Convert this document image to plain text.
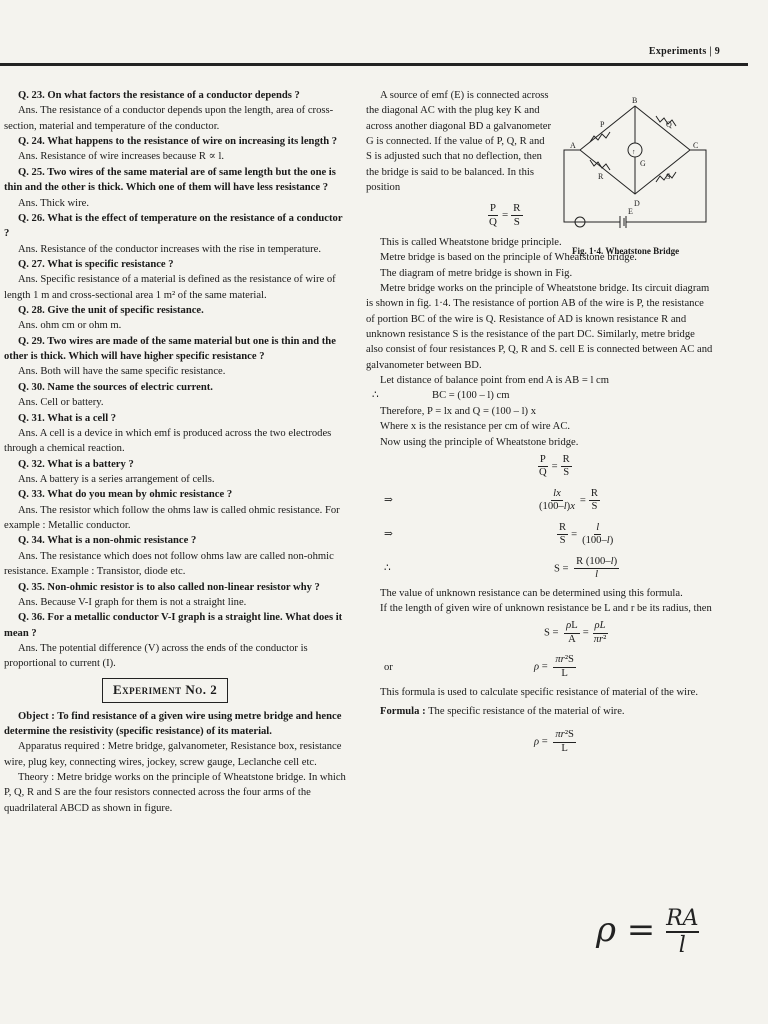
Experiments | 9

Q. 23. On what factors the resistance of a conductor depends ?

Ans. The resistance of a conductor depends upon the length, area of cross- section, material and temperature of the conductor.

Q. 24. What happens to the resistance of wire on increasing its length ?

Ans. Resistance of wire increases because R ∝ l.

Q. 25. Two wires of the same material are of same length but the one is thin and the other is thick. Which one of them will have less resistance ?

Ans. Thick wire.

Q. 26. What is the effect of temperature on the resistance of a conductor ?

Ans. Resistance of the conductor increases with the rise in temperature.

Q. 27. What is specific resistance ?

Ans. Specific resistance of a material is defined as the resistance of wire of length 1 m and cross-sectional area 1 m² of the same material.

Q. 28. Give the unit of specific resistance.

Ans. ohm cm or ohm m.

Q. 29. Two wires are made of the same material but one is thin and the other is thick. Which will have higher specific resistance ?

Ans. Both will have the same specific resistance.

Q. 30. Name the sources of electric current.

Ans. Cell or battery.

Q. 31. What is a cell ?

Ans. A cell is a device in which emf is produced across the two electrodes through a chemical reaction.

Q. 32. What is a battery ?

Ans. A battery is a series arrangement of cells.

Q. 33. What do you mean by ohmic resistance ?

Ans. The resistor which follow the ohms law is called ohmic resistance. For example : Metallic conductor.

Q. 34. What is a non-ohmic resistance ?

Ans. The resistance which does not follow ohms law are called non-ohmic resistance. Example : Transistor, diode etc.

Q. 35. Non-ohmic resistor is to also called non-linear resistor why ?

Ans. Because V-I graph for them is not a straight line.

Q. 36. For a metallic conductor V-I graph is a straight line. What does it mean ?

Ans. The potential difference (V) across the ends of the conductor is proportional to current (I).

Experiment No. 2

Object : To find resistance of a given wire using metre bridge and hence determine the resistivity (specific resistance) of its material.

Apparatus required : Metre bridge, galvanometer, Resistance box, resistance wire, plug key, connecting wires, jockey, screw gauge, Leclanche cell etc.

Theory : Metre bridge works on the principle of Wheatstone bridge. In which P, Q, R and S are the four resistors connected across the four arms of the quadrilateral ABCD as shown in figure.

A source of emf (E) is connected across the diagonal AC with the plug key K and across another diagonal BD a galvanometer G is connected. If the value of P, Q, R and S is adjusted such that no deflection, then the bridge is said to be balanced. In this position

$\frac{P}{Q} = \frac{R}{S}$

This is called Wheatstone bridge principle.

Metre bridge is based on the principle of Wheatstone bridge.

The diagram of metre bridge is shown in Fig.

Metre bridge works on the principle of Wheatstone bridge. Its circuit diagram is shown in fig. 1·4. The resistance of portion AB of the wire is P, the resistance of portion BC of the wire is Q. Resistance of AD is known resistance R and unknown resistance S is the resistance of the part DC. Similarly, metre bridge also consist of four resistances P, Q, R and S. cell E is connected between AC and galvanometer between BD.

Let distance of balance point from end A is AB = l cm

∴	BC = (100 – l) cm

Therefore, P = lx and Q = (100 – l) x

Where x is the resistance per cm of wire AC.

Now using the principle of Wheatstone bridge.

$\frac{P}{Q} = \frac{R}{S}$
⇒	$\frac{lx}{(100-l)x} = \frac{R}{S}$
⇒	$\frac{R}{S} = \frac{l}{(100-l)}$
∴	$S = \frac{R (100-l)}{l}$

The value of unknown resistance can be determined using this formula.

If the length of given wire of unknown resistance be L and r be its radius, then

$S = \frac{\rho L}{A} = \frac{\rho L}{\text{πr²}}$
or	$\rho = \frac{\text{πr²S}}{L}$

This formula is used to calculate specific resistance of material of the wire.

Formula : The specific resistance of the material of wire.

$\rho = \frac{\text{πr²S}}{L}$
B
A	C
D
P	Q
R	S
G
↑
E
Fig. 1·4. Wheatstone Bridge
$\rho = \frac{RA}{l}$
